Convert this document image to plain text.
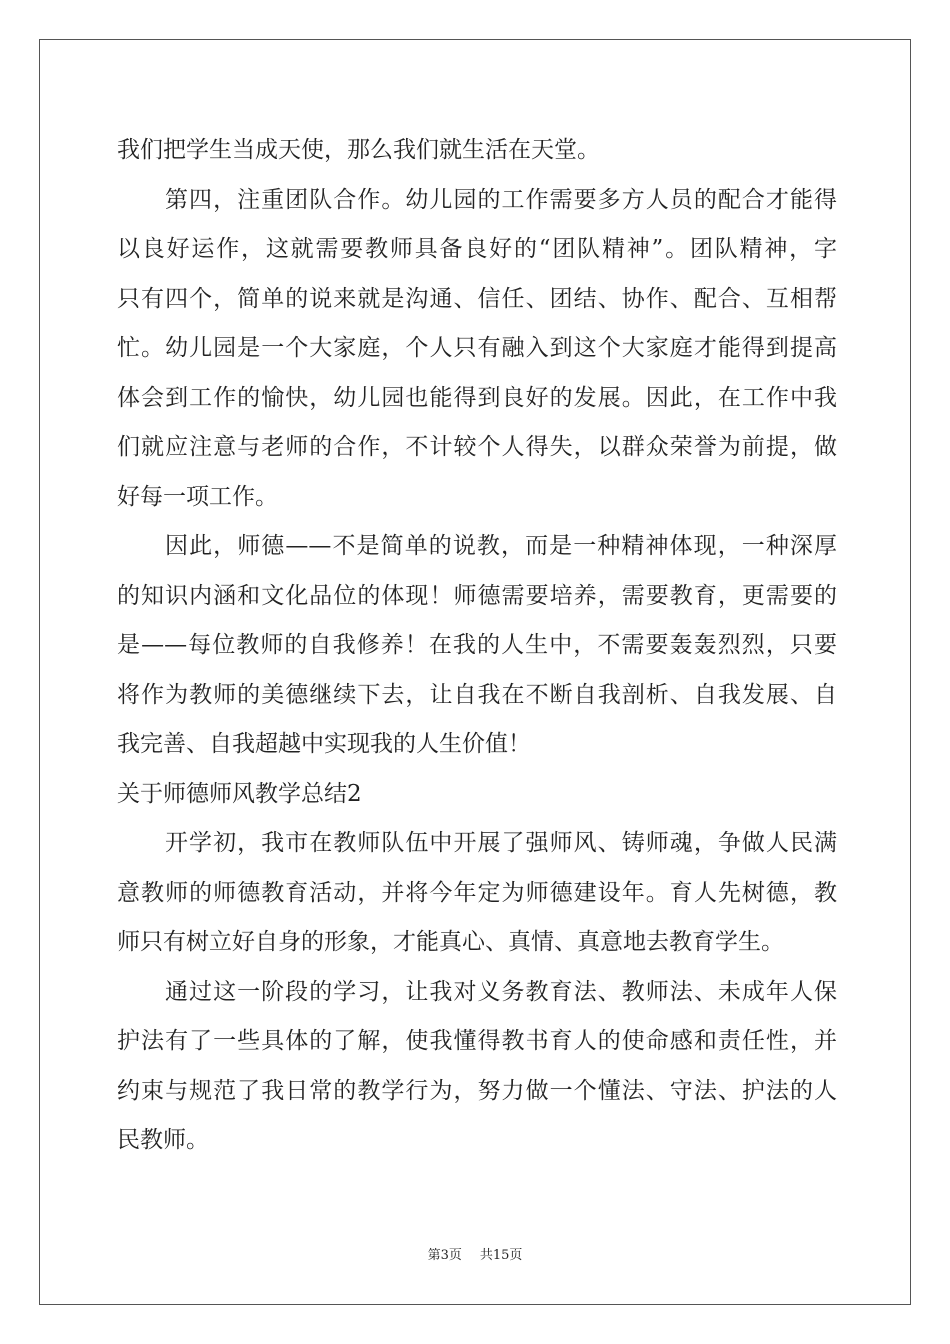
我们把学生当成天使，那么我们就生活在天堂。
第四，注重团队合作。幼儿园的工作需要多方人员的配合才能得
以良好运作，这就需要教师具备良好的“团队精神”。团队精神，字
只有四个，简单的说来就是沟通、信任、团结、协作、配合、互相帮
忙。幼儿园是一个大家庭，个人只有融入到这个大家庭才能得到提高
体会到工作的愉快，幼儿园也能得到良好的发展。因此，在工作中我
们就应注意与老师的合作，不计较个人得失，以群众荣誉为前提，做
好每一项工作。
因此，师德——不是简单的说教，而是一种精神体现，一种深厚
的知识内涵和文化品位的体现！师德需要培养，需要教育，更需要的
是——每位教师的自我修养！在我的人生中，不需要轰轰烈烈，只要
将作为教师的美德继续下去，让自我在不断自我剖析、自我发展、自
我完善、自我超越中实现我的人生价值！
关于师德师风教学总结2
开学初，我市在教师队伍中开展了强师风、铸师魂，争做人民满
意教师的师德教育活动，并将今年定为师德建设年。育人先树德，教
师只有树立好自身的形象，才能真心、真情、真意地去教育学生。
通过这一阶段的学习，让我对义务教育法、教师法、未成年人保
护法有了一些具体的了解，使我懂得教书育人的使命感和责任性，并
约束与规范了我日常的教学行为，努力做一个懂法、守法、护法的人
民教师。
第3页 共15页
